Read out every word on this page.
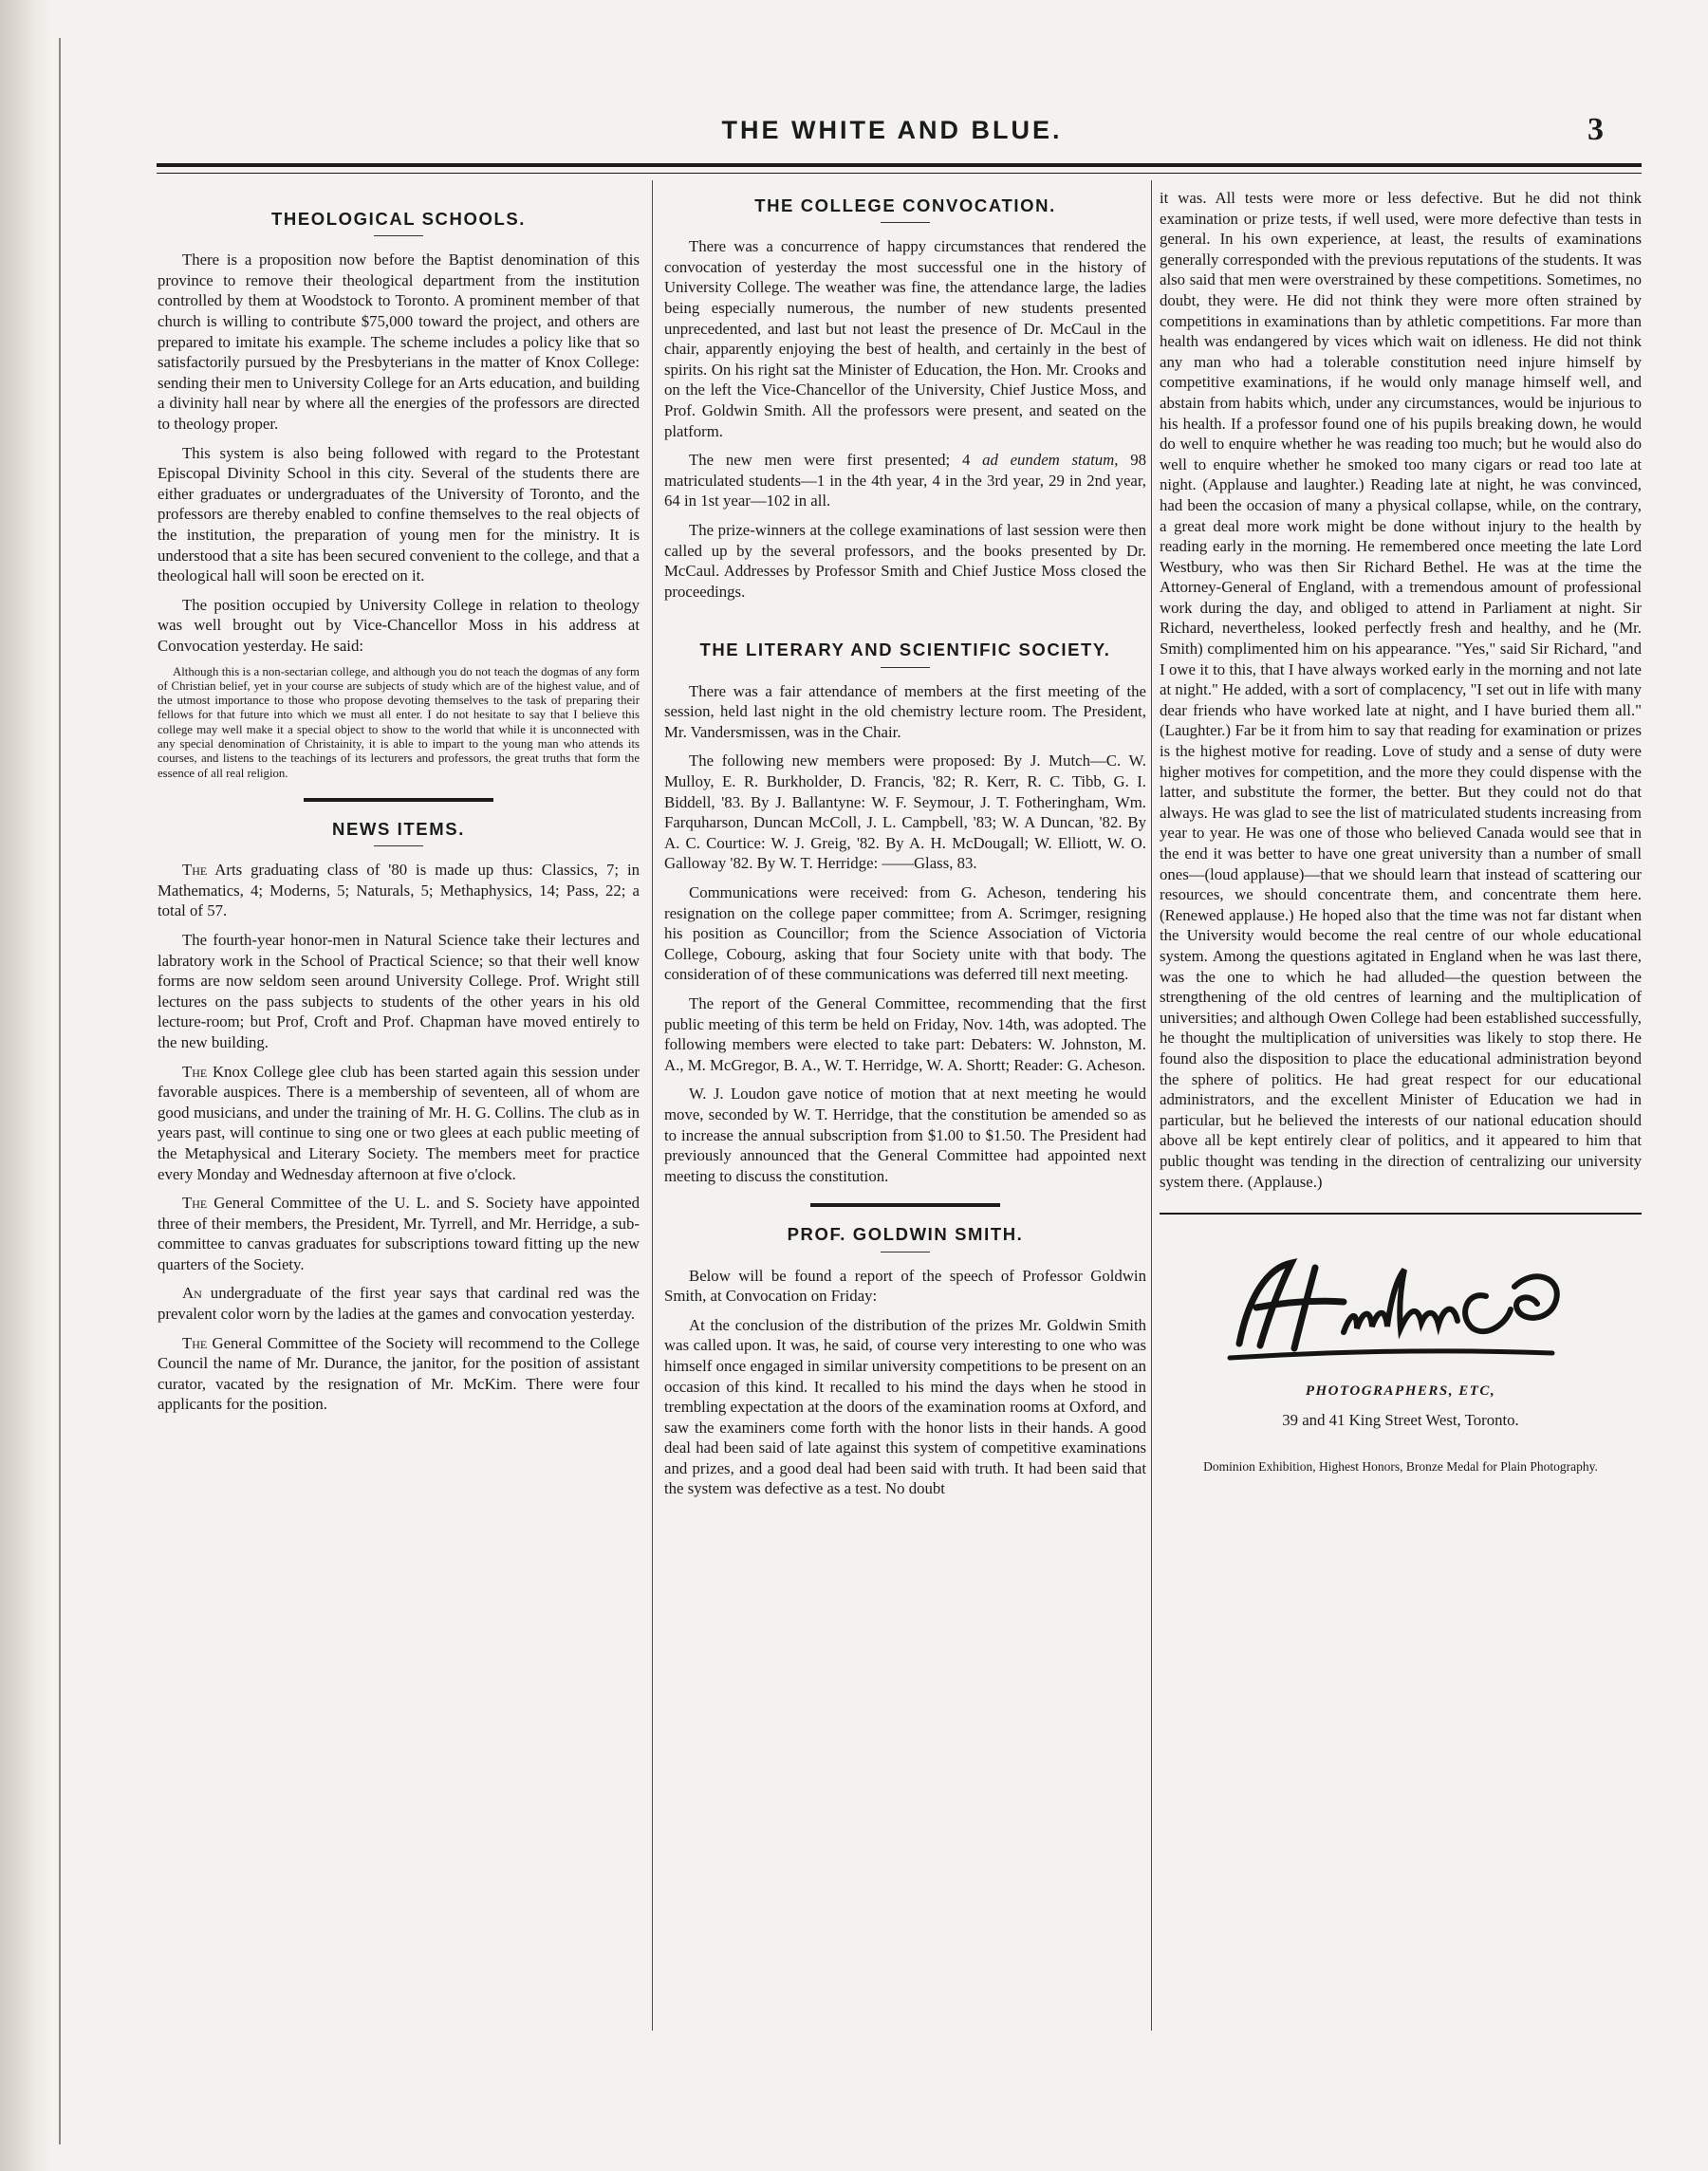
THE WHITE AND BLUE.	3
THEOLOGICAL SCHOOLS.

There is a proposition now before the Baptist denomination of this province to remove their theological department from the institution controlled by them at Woodstock to Toronto. A prominent member of that church is willing to contribute $75,000 toward the project, and others are prepared to imitate his example. The scheme includes a policy like that so satisfactorily pursued by the Presbyterians in the matter of Knox College: sending their men to University College for an Arts education, and building a divinity hall near by where all the energies of the professors are directed to theology proper.

This system is also being followed with regard to the Protestant Episcopal Divinity School in this city. Several of the students there are either graduates or undergraduates of the University of Toronto, and the professors are thereby enabled to confine themselves to the real objects of the institution, the preparation of young men for the ministry. It is understood that a site has been secured convenient to the college, and that a theological hall will soon be erected on it.

The position occupied by University College in relation to theology was well brought out by Vice-Chancellor Moss in his address at Convocation yesterday. He said:

Although this is a non-sectarian college, and although you do not teach the dogmas of any form of Christian belief, yet in your course are subjects of study which are of the highest value, and of the utmost importance to those who propose devoting themselves to the task of preparing their fellows for that future into which we must all enter. I do not hesitate to say that I believe this college may well make it a special object to show to the world that while it is unconnected with any special denomination of Christainity, it is able to impart to the young man who attends its courses, and listens to the teachings of its lecturers and professors, the great truths that form the essence of all real religion.

NEWS ITEMS.

The Arts graduating class of '80 is made up thus: Classics, 7; in Mathematics, 4; Moderns, 5; Naturals, 5; Methaphysics, 14; Pass, 22; a total of 57.

The fourth-year honor-men in Natural Science take their lectures and labratory work in the School of Practical Science; so that their well know forms are now seldom seen around University College. Prof. Wright still lectures on the pass subjects to students of the other years in his old lecture-room; but Prof, Croft and Prof. Chapman have moved entirely to the new building.

The Knox College glee club has been started again this session under favorable auspices. There is a membership of seventeen, all of whom are good musicians, and under the training of Mr. H. G. Collins. The club as in years past, will continue to sing one or two glees at each public meeting of the Metaphysical and Literary Society. The members meet for practice every Monday and Wednesday afternoon at five o'clock.

The General Committee of the U. L. and S. Society have appointed three of their members, the President, Mr. Tyrrell, and Mr. Herridge, a sub-committee to canvas graduates for subscriptions toward fitting up the new quarters of the Society.

An undergraduate of the first year says that cardinal red was the prevalent color worn by the ladies at the games and convocation yesterday.

The General Committee of the Society will recommend to the College Council the name of Mr. Durance, the janitor, for the position of assistant curator, vacated by the resignation of Mr. McKim. There were four applicants for the position.

THE COLLEGE CONVOCATION.

There was a concurrence of happy circumstances that rendered the convocation of yesterday the most successful one in the history of University College. The weather was fine, the attendance large, the ladies being especially numerous, the number of new students presented unprecedented, and last but not least the presence of Dr. McCaul in the chair, apparently enjoying the best of health, and certainly in the best of spirits. On his right sat the Minister of Education, the Hon. Mr. Crooks and on the left the Vice-Chancellor of the University, Chief Justice Moss, and Prof. Goldwin Smith. All the professors were present, and seated on the platform.

The new men were first presented; 4 ad eundem statum, 98 matriculated students—1 in the 4th year, 4 in the 3rd year, 29 in 2nd year, 64 in 1st year—102 in all.

The prize-winners at the college examinations of last session were then called up by the several professors, and the books presented by Dr. McCaul. Addresses by Professor Smith and Chief Justice Moss closed the proceedings.

THE LITERARY AND SCIENTIFIC SOCIETY.

There was a fair attendance of members at the first meeting of the session, held last night in the old chemistry lecture room. The President, Mr. Vandersmissen, was in the Chair.

The following new members were proposed: By J. Mutch—C. W. Mulloy, E. R. Burkholder, D. Francis, '82; R. Kerr, R. C. Tibb, G. I. Biddell, '83. By J. Ballantyne: W. F. Seymour, J. T. Fotheringham, Wm. Farquharson, Duncan McColl, J. L. Campbell, '83; W. A Duncan, '82. By A. C. Courtice: W. J. Greig, '82. By A. H. McDougall; W. Elliott, W. O. Galloway '82. By W. T. Herridge: ——Glass, 83.

Communications were received: from G. Acheson, tendering his resignation on the college paper committee; from A. Scrimger, resigning his position as Councillor; from the Science Association of Victoria College, Cobourg, asking that four Society unite with that body. The consideration of of these communications was deferred till next meeting.

The report of the General Committee, recommending that the first public meeting of this term be held on Friday, Nov. 14th, was adopted. The following members were elected to take part: Debaters: W. Johnston, M. A., M. McGregor, B. A., W. T. Herridge, W. A. Shortt; Reader: G. Acheson.

W. J. Loudon gave notice of motion that at next meeting he would move, seconded by W. T. Herridge, that the constitution be amended so as to increase the annual subscription from $1.00 to $1.50. The President had previously announced that the General Committee had appointed next meeting to discuss the constitution.

PROF. GOLDWIN SMITH.

Below will be found a report of the speech of Professor Goldwin Smith, at Convocation on Friday:

At the conclusion of the distribution of the prizes Mr. Goldwin Smith was called upon. It was, he said, of course very interesting to one who was himself once engaged in similar university competitions to be present on an occasion of this kind. It recalled to his mind the days when he stood in trembling expectation at the doors of the examination rooms at Oxford, and saw the examiners come forth with the honor lists in their hands. A good deal had been said of late against this system of competitive examinations and prizes, and a good deal had been said with truth. It had been said that the system was defective as a test. No doubt

it was. All tests were more or less defective. But he did not think examination or prize tests, if well used, were more defective than tests in general. In his own experience, at least, the results of examinations generally corresponded with the previous reputations of the students. It was also said that men were overstrained by these competitions. Sometimes, no doubt, they were. He did not think they were more often strained by competitions in examinations than by athletic competitions. Far more than health was endangered by vices which wait on idleness. He did not think any man who had a tolerable constitution need injure himself by competitive examinations, if he would only manage himself well, and abstain from habits which, under any circumstances, would be injurious to his health. If a professor found one of his pupils breaking down, he would do well to enquire whether he was reading too much; but he would also do well to enquire whether he smoked too many cigars or read too late at night. (Applause and laughter.) Reading late at night, he was convinced, had been the occasion of many a physical collapse, while, on the contrary, a great deal more work might be done without injury to the health by reading early in the morning. He remembered once meeting the late Lord Westbury, who was then Sir Richard Bethel. He was at the time the Attorney-General of England, with a tremendous amount of professional work during the day, and obliged to attend in Parliament at night. Sir Richard, nevertheless, looked perfectly fresh and healthy, and he (Mr. Smith) complimented him on his appearance. "Yes," said Sir Richard, "and I owe it to this, that I have always worked early in the morning and not late at night." He added, with a sort of complacency, "I set out in life with many dear friends who have worked late at night, and I have buried them all." (Laughter.) Far be it from him to say that reading for examination or prizes is the highest motive for reading. Love of study and a sense of duty were higher motives for competition, and the more they could dispense with the latter, and substitute the former, the better. But they could not do that always. He was glad to see the list of matriculated students increasing from year to year. He was one of those who believed Canada would see that in the end it was better to have one great university than a number of small ones—(loud applause)—that we should learn that instead of scattering our resources, we should concentrate them, and concentrate them here. (Renewed applause.) He hoped also that the time was not far distant when the University would become the real centre of our whole educational system. Among the questions agitated in England when he was last there, was the one to which he had alluded—the question between the strengthening of the old centres of learning and the multiplication of universities; and although Owen College had been established successfully, he thought the multiplication of universities was likely to stop there. He found also the disposition to place the educational administration beyond the sphere of politics. He had great respect for our educational administrators, and the excellent Minister of Education we had in particular, but he believed the interests of our national education should above all be kept entirely clear of politics, and it appeared to him that public thought was tending in the direction of centralizing our university system there. (Applause.)

PHOTOGRAPHERS, ETC,
39 and 41 King Street West, Toronto.
Dominion Exhibition, Highest Honors, Bronze Medal for Plain Photography.
